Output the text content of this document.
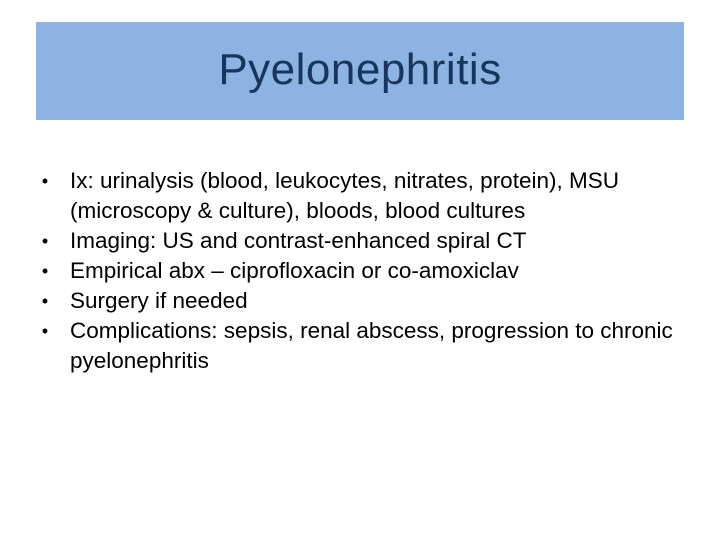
Pyelonephritis
• Ix: urinalysis (blood, leukocytes, nitrates, protein), MSU (microscopy & culture), bloods, blood cultures
• Imaging: US and contrast-enhanced spiral CT
• Empirical abx – ciprofloxacin or co-amoxiclav
• Surgery if needed
• Complications: sepsis, renal abscess, progression to chronic pyelonephritis
